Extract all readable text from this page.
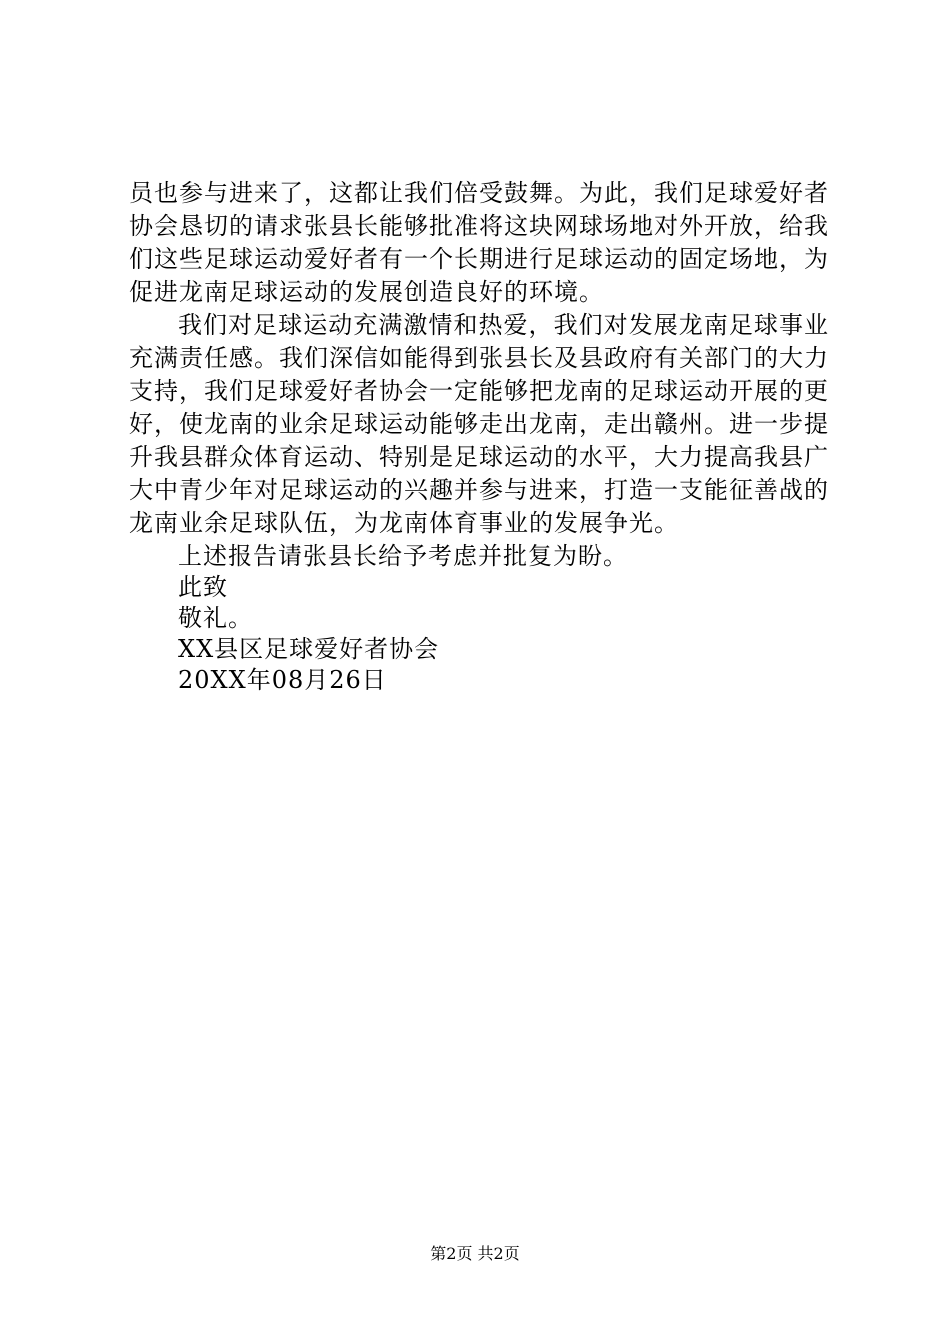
员也参与进来了，这都让我们倍受鼓舞。为此，我们足球爱好者协会恳切的请求张县长能够批准将这块网球场地对外开放，给我们这些足球运动爱好者有一个长期进行足球运动的固定场地，为促进龙南足球运动的发展创造良好的环境。
我们对足球运动充满激情和热爱，我们对发展龙南足球事业充满责任感。我们深信如能得到张县长及县政府有关部门的大力支持，我们足球爱好者协会一定能够把龙南的足球运动开展的更好，使龙南的业余足球运动能够走出龙南，走出赣州。进一步提升我县群众体育运动、特别是足球运动的水平，大力提高我县广大中青少年对足球运动的兴趣并参与进来，打造一支能征善战的龙南业余足球队伍，为龙南体育事业的发展争光。
上述报告请张县长给予考虑并批复为盼。
此致
敬礼。
XX县区足球爱好者协会
20XX年08月26日
第2页 共2页
